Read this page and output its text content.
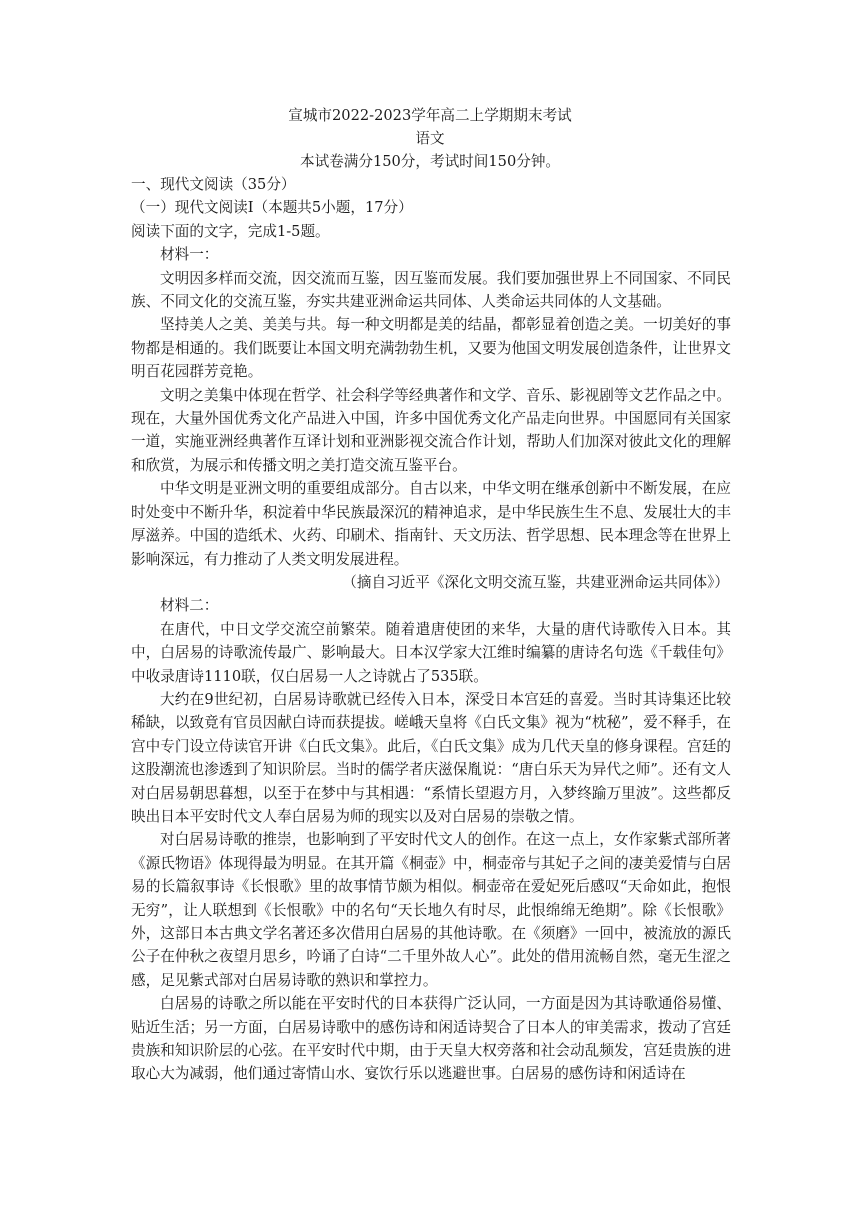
宣城市2022-2023学年高二上学期期末考试

语文

本试卷满分150分，考试时间150分钟。

一、现代文阅读（35分）

（一）现代文阅读Ⅰ（本题共5小题，17分）

阅读下面的文字，完成1-5题。

材料一：

文明因多样而交流，因交流而互鉴，因互鉴而发展。我们要加强世界上不同国家、不同民族、不同文化的交流互鉴，夯实共建亚洲命运共同体、人类命运共同体的人文基础。

坚持美人之美、美美与共。每一种文明都是美的结晶，都彰显着创造之美。一切美好的事物都是相通的。我们既要让本国文明充满勃勃生机，又要为他国文明发展创造条件，让世界文明百花园群芳竞艳。

文明之美集中体现在哲学、社会科学等经典著作和文学、音乐、影视剧等文艺作品之中。现在，大量外国优秀文化产品进入中国，许多中国优秀文化产品走向世界。中国愿同有关国家一道，实施亚洲经典著作互译计划和亚洲影视交流合作计划，帮助人们加深对彼此文化的理解和欣赏，为展示和传播文明之美打造交流互鉴平台。

中华文明是亚洲文明的重要组成部分。自古以来，中华文明在继承创新中不断发展，在应时处变中不断升华，积淀着中华民族最深沉的精神追求，是中华民族生生不息、发展壮大的丰厚滋养。中国的造纸术、火药、印刷术、指南针、天文历法、哲学思想、民本理念等在世界上影响深远，有力推动了人类文明发展进程。

（摘自习近平《深化文明交流互鉴，共建亚洲命运共同体》）

材料二：

在唐代，中日文学交流空前繁荣。随着遣唐使团的来华，大量的唐代诗歌传入日本。其中，白居易的诗歌流传最广、影响最大。日本汉学家大江维时编纂的唐诗名句选《千载佳句》中收录唐诗1110联，仅白居易一人之诗就占了535联。

大约在9世纪初，白居易诗歌就已经传入日本，深受日本宫廷的喜爱。当时其诗集还比较稀缺，以致竟有官员因献白诗而获提拔。嵯峨天皇将《白氏文集》视为“枕秘”，爱不释手，在宫中专门设立侍读官开讲《白氏文集》。此后，《白氏文集》成为几代天皇的修身课程。宫廷的这股潮流也渗透到了知识阶层。当时的儒学者庆滋保胤说：“唐白乐天为异代之师”。还有文人对白居易朝思暮想，以至于在梦中与其相遇：“系情长望遐方月，入梦终踰万里波”。这些都反映出日本平安时代文人奉白居易为师的现实以及对白居易的崇敬之情。

对白居易诗歌的推崇，也影响到了平安时代文人的创作。在这一点上，女作家紫式部所著《源氏物语》体现得最为明显。在其开篇《桐壶》中，桐壶帝与其妃子之间的凄美爱情与白居易的长篇叙事诗《长恨歌》里的故事情节颇为相似。桐壶帝在爱妃死后感叹“天命如此，抱恨无穷”，让人联想到《长恨歌》中的名句“天长地久有时尽，此恨绵绵无绝期”。除《长恨歌》外，这部日本古典文学名著还多次借用白居易的其他诗歌。在《须磨》一回中，被流放的源氏公子在仲秋之夜望月思乡，吟诵了白诗“二千里外故人心”。此处的借用流畅自然，毫无生涩之感，足见紫式部对白居易诗歌的熟识和掌控力。

白居易的诗歌之所以能在平安时代的日本获得广泛认同，一方面是因为其诗歌通俗易懂、贴近生活；另一方面，白居易诗歌中的感伤诗和闲适诗契合了日本人的审美需求，拨动了宫廷贵族和知识阶层的心弦。在平安时代中期，由于天皇大权旁落和社会动乱频发，宫廷贵族的进取心大为减弱，他们通过寄情山水、宴饮行乐以逃避世事。白居易的感伤诗和闲适诗在
